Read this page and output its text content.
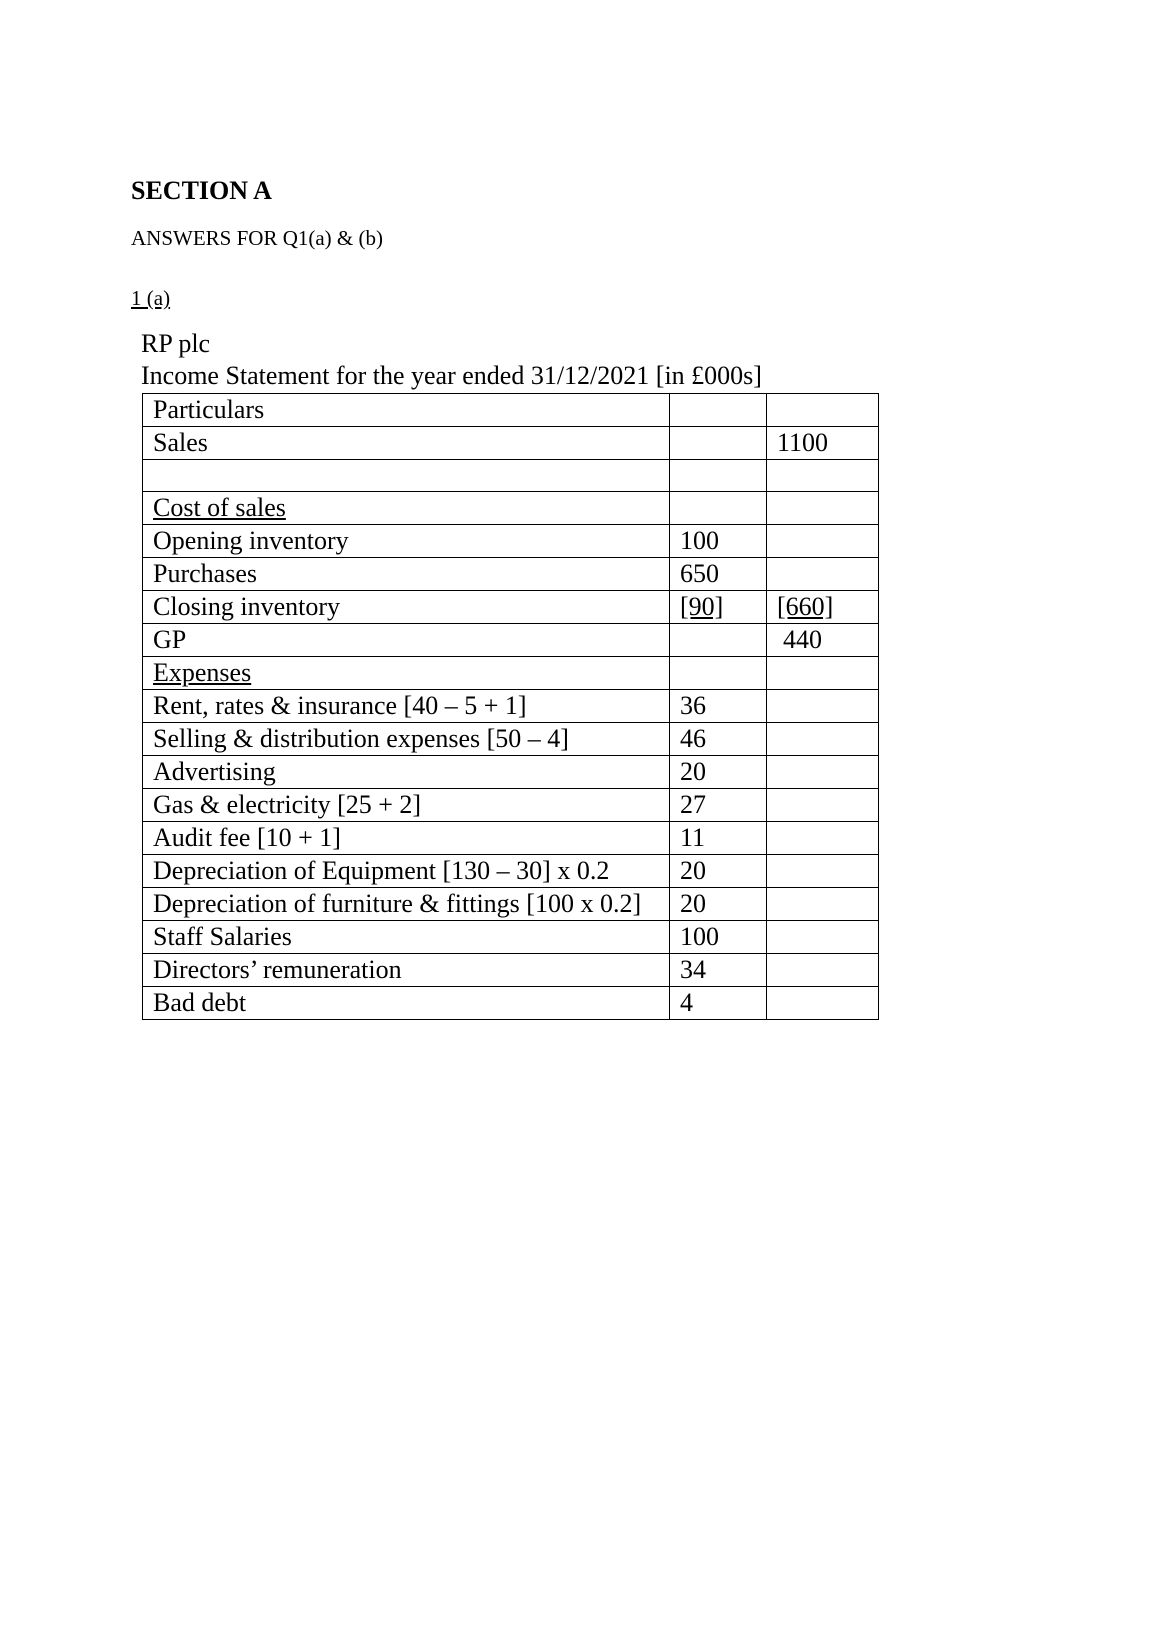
SECTION A
ANSWERS FOR Q1(a) & (b)
1 (a)
RP plc
Income Statement for the year ended 31/12/2021 [in £000s]
Particulars		
Sales		1100

Cost of sales		
Opening inventory	100	
Purchases	650	
Closing inventory	[90]	[660]
GP		440
Expenses		
Rent, rates & insurance [40 – 5 + 1]	36	
Selling & distribution expenses [50 – 4]	46	
Advertising	20	
Gas & electricity [25 + 2]	27	
Audit fee [10 + 1]	11	
Depreciation of Equipment [130 – 30] x 0.2	20	
Depreciation of furniture & fittings [100 x 0.2]	20	
Staff Salaries	100	
Directors’ remuneration	34	
Bad debt	4	
